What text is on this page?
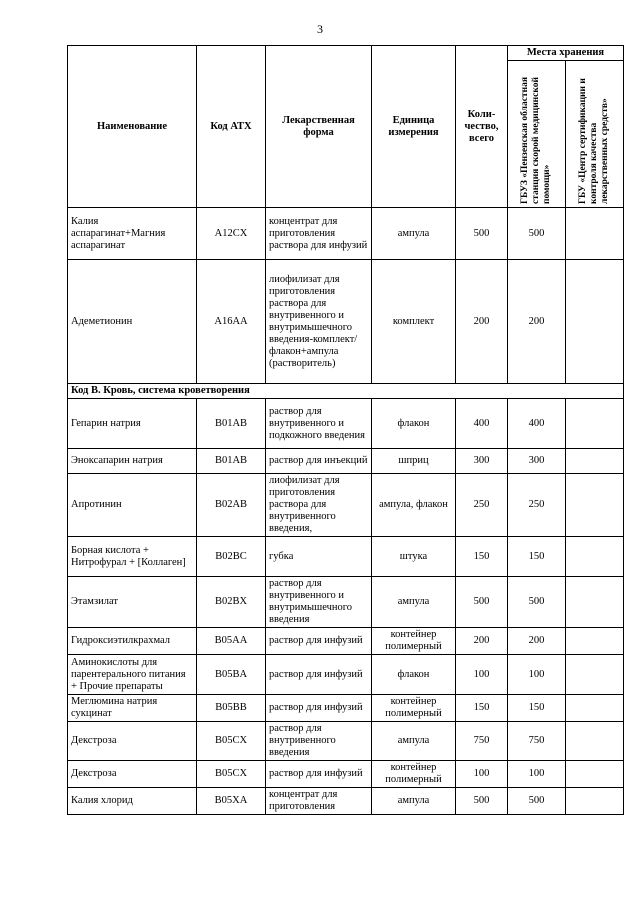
3
Наименование	Код АТХ	Лекарственная форма	Единица измерения	Коли-чество, всего	Места хранения	

					ГБУЗ «Пензенская областная станция скорой медицинской помощи»	ГБУ «Центр сертификации и контроля качества лекарственных средств»

Калия аспарагинат+Магния аспарагинат	A12CX	концентрат для приготовления раствора для инфузий	ампула	500	500	
Адеметионин	A16AA	лиофилизат для приготовления раствора для внутривенного и внутримышечного введения-комплект/флакон+ампула (растворитель)	комплект	200	200	
Код В. Кровь, система кроветворения						
Гепарин натрия	B01AB	раствор для внутривенного и подкожного введения	флакон	400	400	
Эноксапарин натрия	B01AB	раствор для инъекций	шприц	300	300	
Апротинин	B02AB	лиофилизат для приготовления раствора для внутривенного введения,	ампула, флакон	250	250	
Борная кислота + Нитрофурал + [Коллаген]	B02BC	губка	штука	150	150	
Этамзилат	B02BX	раствор для внутривенного и внутримышечного введения	ампула	500	500	
Гидроксиэтилкрахмал	B05AA	раствор для инфузий	контейнер полимерный	200	200	
Аминокислоты для парентерального питания + Прочие препараты	B05BA	раствор для инфузий	флакон	100	100	
Меглюмина натрия сукцинат	B05BB	раствор для инфузий	контейнер полимерный	150	150	
Декстроза	B05CX	раствор для внутривенного введения	ампула	750	750	
Декстроза	B05CX	раствор для инфузий	контейнер полимерный	100	100	
Калия хлорид	B05XA	концентрат для приготовления	ампула	500	500	
